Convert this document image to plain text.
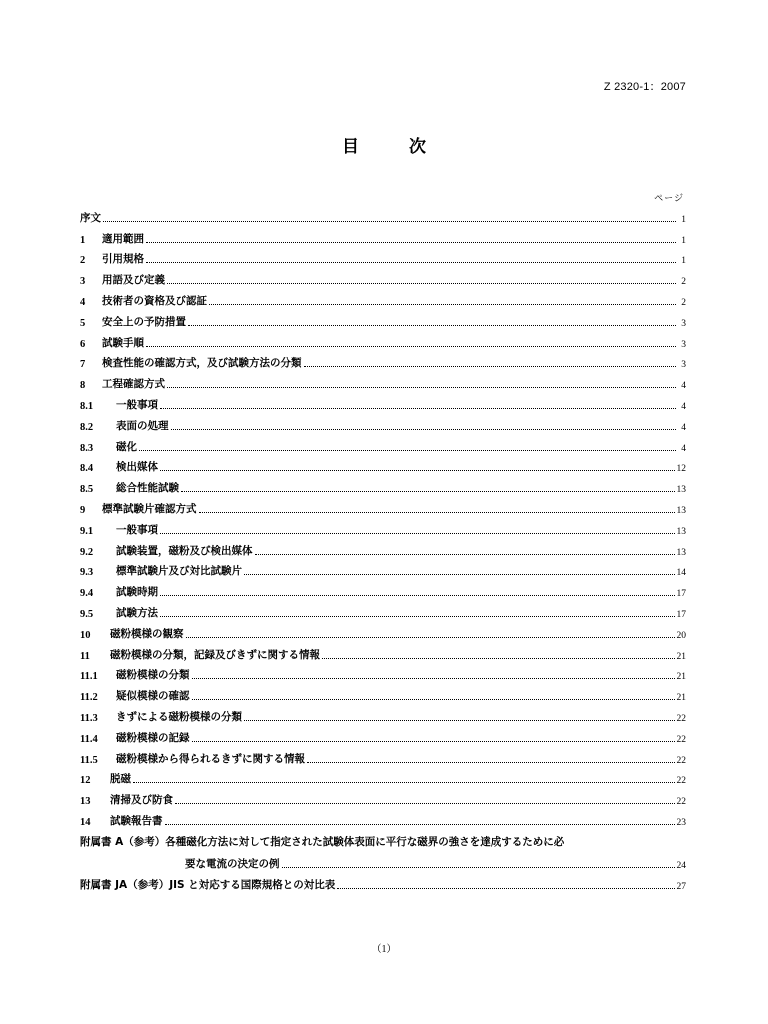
Z 2320-1：2007
目 次
ページ
序文	1
1	適用範囲	1
2	引用規格	1
3	用語及び定義	2
4	技術者の資格及び認証	2
5	安全上の予防措置	3
6	試験手順	3
7	検査性能の確認方式，及び試験方法の分類	3
8	工程確認方式	4
8.1	一般事項	4
8.2	表面の処理	4
8.3	磁化	4
8.4	検出媒体	12
8.5	総合性能試験	13
9	標準試験片確認方式	13
9.1	一般事項	13
9.2	試験装置，磁粉及び検出媒体	13
9.3	標準試験片及び対比試験片	14
9.4	試験時期	17
9.5	試験方法	17
10	磁粉模様の観察	20
11	磁粉模様の分類，記録及びきずに関する情報	21
11.1	磁粉模様の分類	21
11.2	疑似模様の確認	21
11.3	きずによる磁粉模様の分類	22
11.4	磁粉模様の記録	22
11.5	磁粉模様から得られるきずに関する情報	22
12	脱磁	22
13	清掃及び防食	22
14	試験報告書	23
附属書 A（参考）各種磁化方法に対して指定された試験体表面に平行な磁界の強さを達成するために必
要な電流の決定の例	24
附属書 JA（参考）JIS と対応する国際規格との対比表	27
（1）
